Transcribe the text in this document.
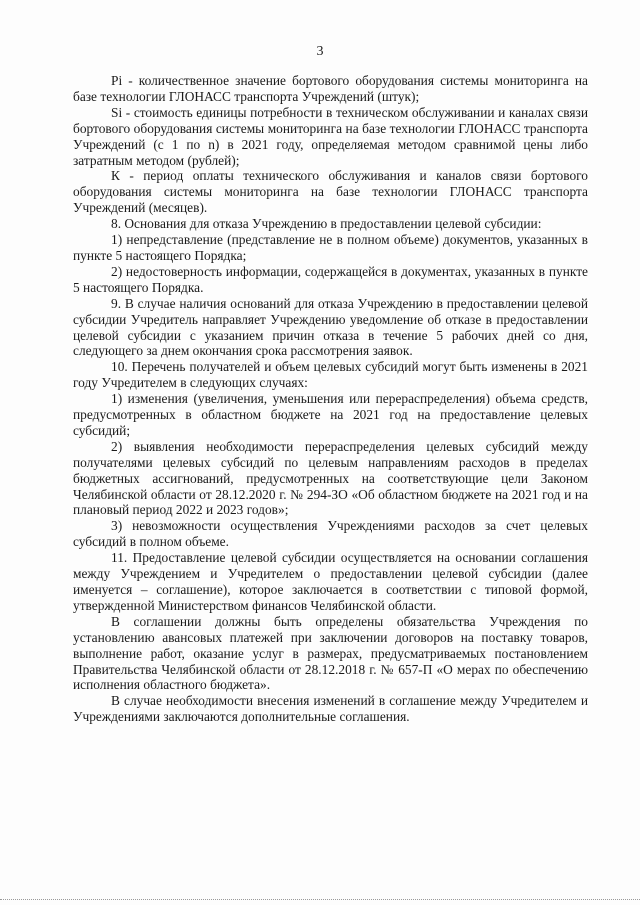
3

Pi - количественное значение бортового оборудования системы мониторинга на базе технологии ГЛОНАСС транспорта Учреждений (штук);

Si - стоимость единицы потребности в техническом обслуживании и каналах связи бортового оборудования системы мониторинга на базе технологии ГЛОНАСС транспорта Учреждений (с 1 по n) в 2021 году, определяемая методом сравнимой цены либо затратным методом (рублей);

К - период оплаты технического обслуживания и каналов связи бортового оборудования системы мониторинга на базе технологии ГЛОНАСС транспорта Учреждений (месяцев).

8. Основания для отказа Учреждению в предоставлении целевой субсидии:

1) непредставление (представление не в полном объеме) документов, указанных в пункте 5 настоящего Порядка;

2) недостоверность информации, содержащейся в документах, указанных в пункте 5 настоящего Порядка.

9. В случае наличия оснований для отказа Учреждению в предоставлении целевой субсидии Учредитель направляет Учреждению уведомление об отказе в предоставлении целевой субсидии с указанием причин отказа в течение 5 рабочих дней со дня, следующего за днем окончания срока рассмотрения заявок.

10. Перечень получателей и объем целевых субсидий могут быть изменены в 2021 году Учредителем в следующих случаях:

1) изменения (увеличения, уменьшения или перераспределения) объема средств, предусмотренных в областном бюджете на 2021 год на предоставление целевых субсидий;

2) выявления необходимости перераспределения целевых субсидий между получателями целевых субсидий по целевым направлениям расходов в пределах бюджетных ассигнований, предусмотренных на соответствующие цели Законом Челябинской области от 28.12.2020 г. № 294-ЗО «Об областном бюджете на 2021 год и на плановый период 2022 и 2023 годов»;

3) невозможности осуществления Учреждениями расходов за счет целевых субсидий в полном объеме.

11. Предоставление целевой субсидии осуществляется на основании соглашения между Учреждением и Учредителем о предоставлении целевой субсидии (далее именуется – соглашение), которое заключается в соответствии с типовой формой, утвержденной Министерством финансов Челябинской области.

В соглашении должны быть определены обязательства Учреждения по установлению авансовых платежей при заключении договоров на поставку товаров, выполнение работ, оказание услуг в размерах, предусматриваемых постановлением Правительства Челябинской области от 28.12.2018 г. № 657-П «О мерах по обеспечению исполнения областного бюджета».

В случае необходимости внесения изменений в соглашение между Учредителем и Учреждениями заключаются дополнительные соглашения.
